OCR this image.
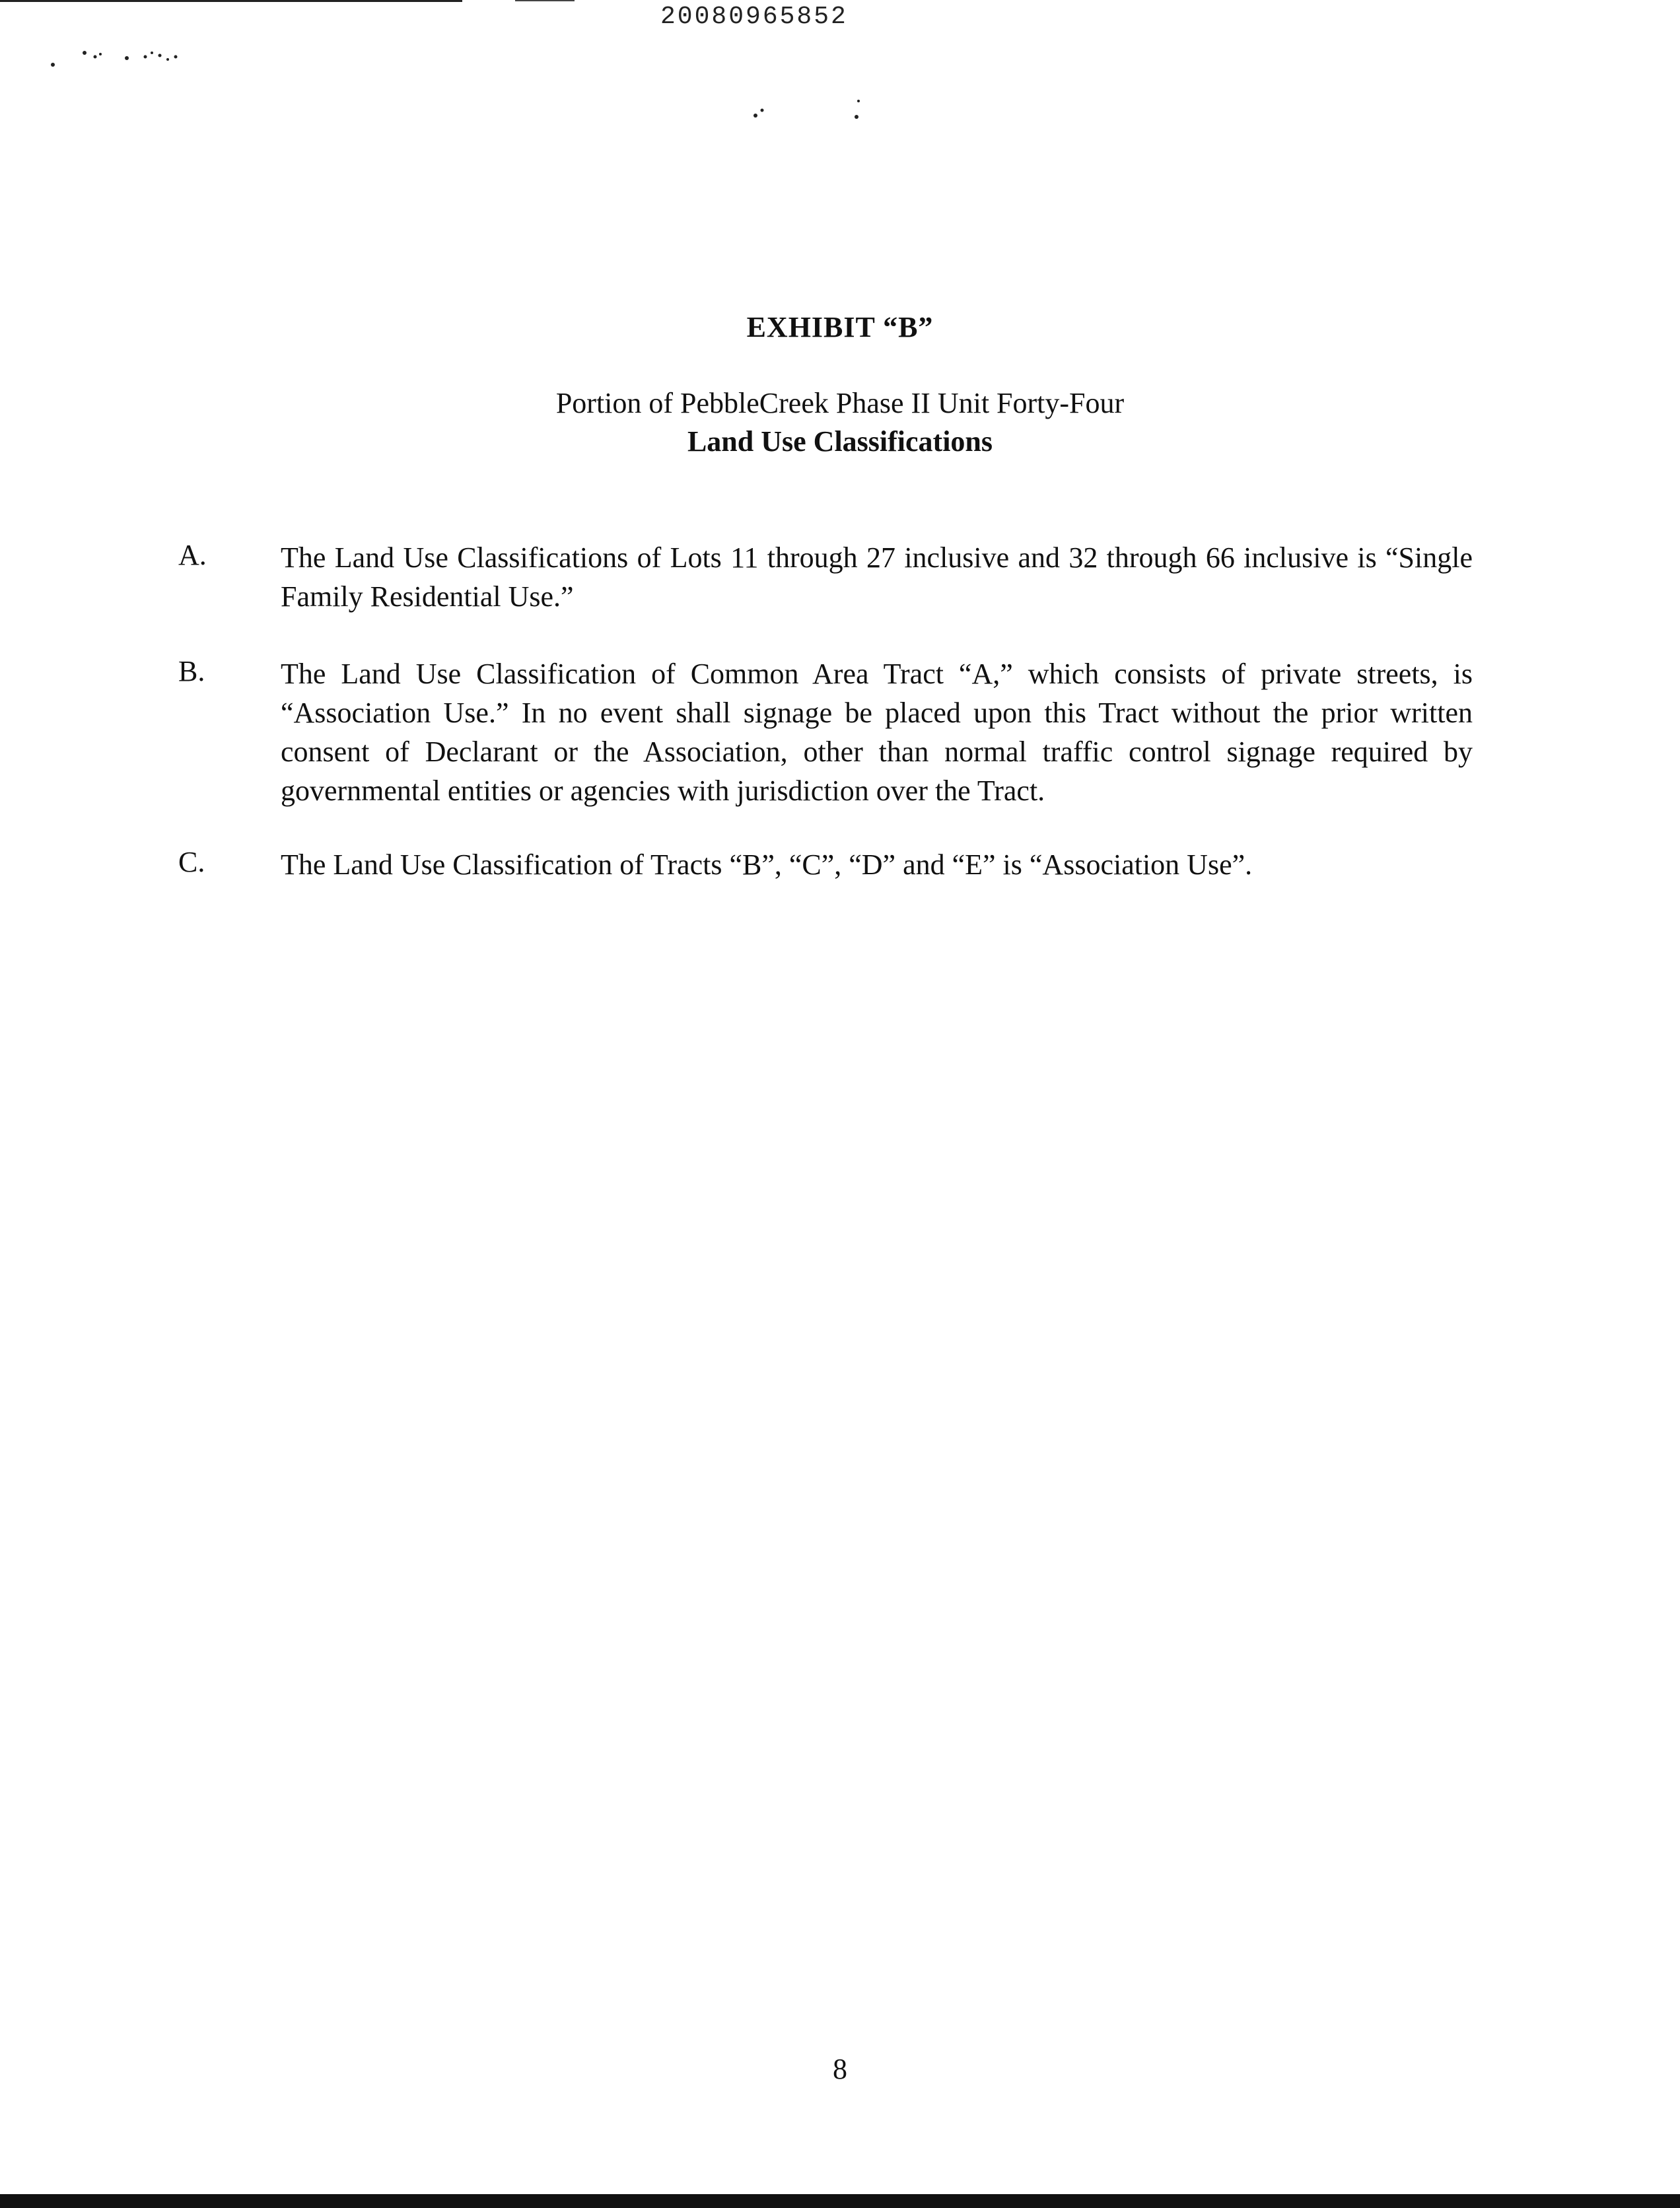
20080965852
EXHIBIT “B”
Portion of PebbleCreek Phase II Unit Forty-Four
Land Use Classifications
A.	The Land Use Classifications of Lots 11 through 27 inclusive and 32 through 66 inclusive is “Single Family Residential Use.”
B.	The Land Use Classification of Common Area Tract “A,” which consists of private streets, is “Association Use.” In no event shall signage be placed upon this Tract without the prior written consent of Declarant or the Association, other than normal traffic control signage required by governmental entities or agencies with jurisdiction over the Tract.
C.	The Land Use Classification of Tracts “B”, “C”, “D” and “E” is “Association Use”.
8
